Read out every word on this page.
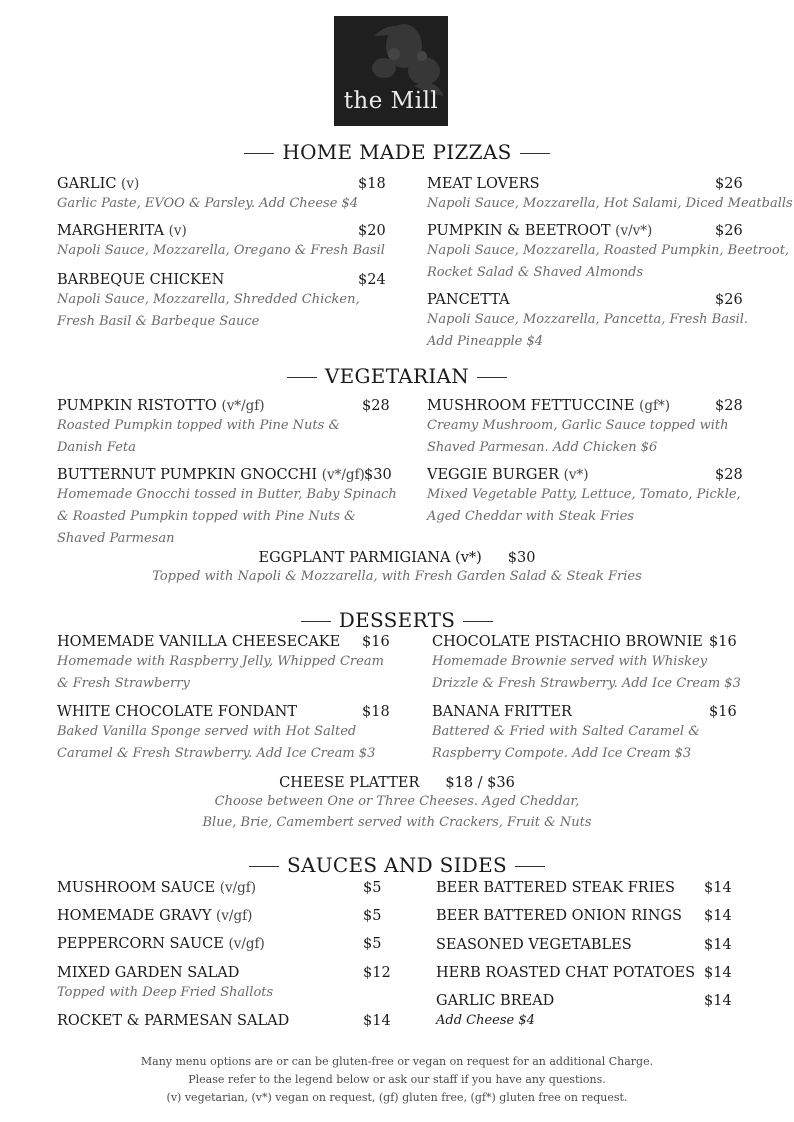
the Mill
HOME MADE PIZZAS
GARLIC (v)
Garlic Paste, EVOO & Parsley. Add Cheese $4
$18
MARGHERITA (v)
Napoli Sauce, Mozzarella, Oregano & Fresh Basil
$20
BARBEQUE CHICKEN
Napoli Sauce, Mozzarella, Shredded Chicken,
Fresh Basil & Barbeque Sauce
$24
MEAT LOVERS
Napoli Sauce, Mozzarella, Hot Salami, Diced Meatballs
$26
PUMPKIN & BEETROOT (v/v*)
Napoli Sauce, Mozzarella, Roasted Pumpkin, Beetroot,
Rocket Salad & Shaved Almonds
$26
PANCETTA
Napoli Sauce, Mozzarella, Pancetta, Fresh Basil.
Add Pineapple $4
$26
VEGETARIAN
PUMPKIN RISTOTTO (v*/gf)
Roasted Pumpkin topped with Pine Nuts &
Danish Feta
$28
BUTTERNUT PUMPKIN GNOCCHI (v*/gf)
Homemade Gnocchi tossed in Butter, Baby Spinach
& Roasted Pumpkin topped with Pine Nuts &
Shaved Parmesan
$30
MUSHROOM FETTUCCINE (gf*)
Creamy Mushroom, Garlic Sauce topped with
Shaved Parmesan. Add Chicken $6
$28
VEGGIE BURGER (v*)
Mixed Vegetable Patty, Lettuce, Tomato, Pickle,
Aged Cheddar with Steak Fries
$28
EGGPLANT PARMIGIANA (v*) $30
Topped with Napoli & Mozzarella, with Fresh Garden Salad & Steak Fries
DESSERTS
HOMEMADE VANILLA CHEESECAKE
Homemade with Raspberry Jelly, Whipped Cream
& Fresh Strawberry
$16
WHITE CHOCOLATE FONDANT
Baked Vanilla Sponge served with Hot Salted
Caramel & Fresh Strawberry. Add Ice Cream $3
$18
CHOCOLATE PISTACHIO BROWNIE
Homemade Brownie served with Whiskey
Drizzle & Fresh Strawberry. Add Ice Cream $3
$16
BANANA FRITTER
Battered & Fried with Salted Caramel &
Raspberry Compote. Add Ice Cream $3
$16
CHEESE PLATTER $18 / $36
Choose between One or Three Cheeses. Aged Cheddar,
Blue, Brie, Camembert served with Crackers, Fruit & Nuts
SAUCES AND SIDES
MUSHROOM SAUCE (v/gf)	$5
HOMEMADE GRAVY (v/gf)	$5
PEPPERCORN SAUCE (v/gf)	$5
MIXED GARDEN SALAD
Topped with Deep Fried Shallots
$12
ROCKET & PARMESAN SALAD	$14
BEER BATTERED STEAK FRIES $14
BEER BATTERED ONION RINGS $14
SEASONED VEGETABLES	$14
HERB ROASTED CHAT POTATOES $14
GARLIC BREAD
Add Cheese $4
$14
Many menu options are or can be gluten-free or vegan on request for an additional Charge.
Please refer to the legend below or ask our staff if you have any questions.
(v) vegetarian, (v*) vegan on request, (gf) gluten free, (gf*) gluten free on request.
